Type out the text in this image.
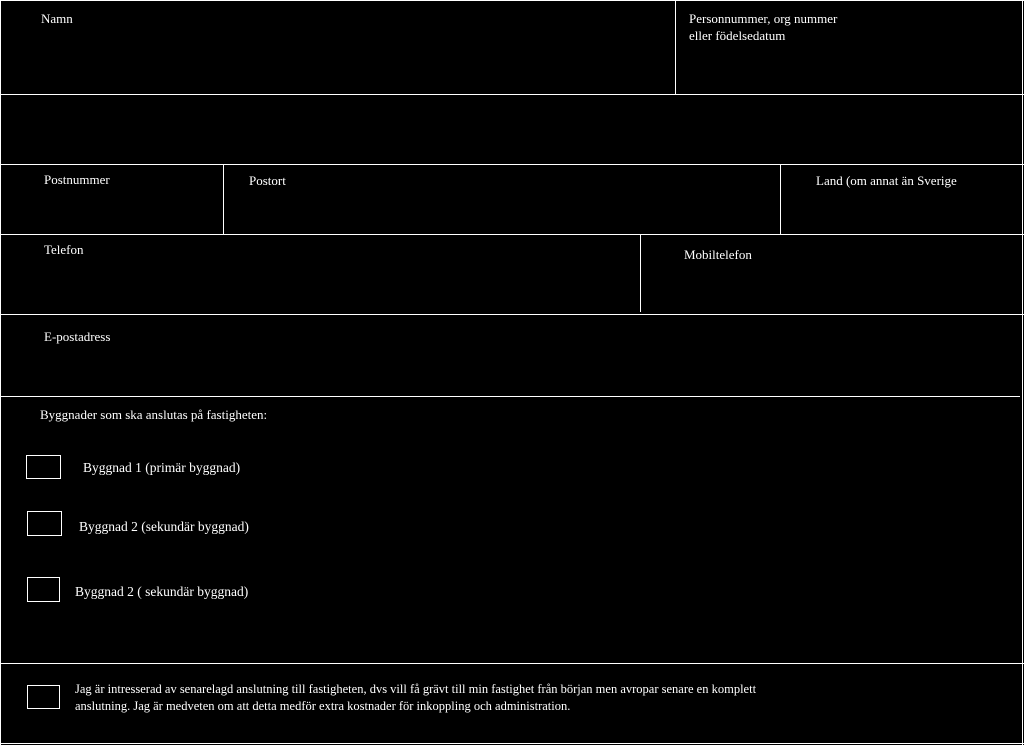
Namn	Personnummer, org nummer
eller födelsedatum
Postnummer	Postort	Land (om annat än Sverige
Telefon	Mobiltelefon
E-postadress
Byggnader som ska anslutas på fastigheten:
Byggnad 1 (primär byggnad)
Byggnad 2 (sekundär byggnad)
Byggnad 2 ( sekundär byggnad)
Jag är intresserad av senarelagd anslutning till fastigheten, dvs vill få grävt till min fastighet från början men avropar senare en komplett
anslutning. Jag är medveten om att detta medför extra kostnader för inkoppling och administration.
